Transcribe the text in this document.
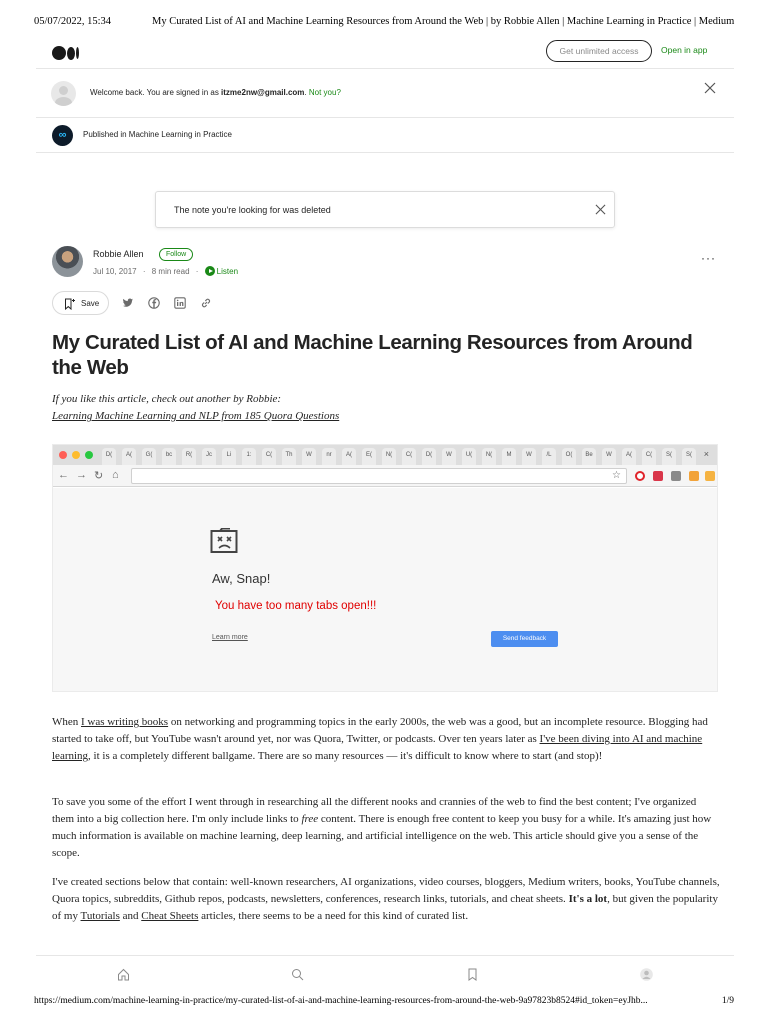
05/07/2022, 15:34	My Curated List of AI and Machine Learning Resources from Around the Web | by Robbie Allen | Machine Learning in Practice | Medium
Get unlimited access	Open in app
Welcome back. You are signed in as itzme2nw@gmail.com. Not you?
∞	Published in Machine Learning in Practice
The note you're looking for was deleted
Robbie Allen	Follow
Jul 10, 2017 · 8 min read · Listen
···
Save
My Curated List of AI and Machine Learning Resources from Around the Web
If you like this article, check out another by Robbie:
Learning Machine Learning and NLP from 185 Quora Questions
D(	A(	G(	bc	R(	Jc	Li	1:	C(	Th	W	nr	A(	E(	N(	C(	D(	W	U(	N(	M	W	/L	O(	Be	W	A(	C(	S(	S(	×
← → ↻ ⌂	☆
Aw, Snap!
You have too many tabs open!!!
Learn more	Send feedback

When I was writing books on networking and programming topics in the early 2000s, the web was a good, but an incomplete resource. Blogging had started to take off, but YouTube wasn't around yet, nor was Quora, Twitter, or podcasts. Over ten years later as I've been diving into AI and machine learning, it is a completely different ballgame. There are so many resources — it's difficult to know where to start (and stop)!

To save you some of the effort I went through in researching all the different nooks and crannies of the web to find the best content; I've organized them into a big collection here. I'm only include links to free content. There is enough free content to keep you busy for a while. It's amazing just how much information is available on machine learning, deep learning, and artificial intelligence on the web. This article should give you a sense of the scope.

I've created sections below that contain: well-known researchers, AI organizations, video courses, bloggers, Medium writers, books, YouTube channels, Quora topics, subreddits, Github repos, podcasts, newsletters, conferences, research links, tutorials, and cheat sheets. It's a lot, but given the popularity of my Tutorials and Cheat Sheets articles, there seems to be a need for this kind of curated list.

https://medium.com/machine-learning-in-practice/my-curated-list-of-ai-and-machine-learning-resources-from-around-the-web-9a97823b8524#id_token=eyJhb...	1/9
